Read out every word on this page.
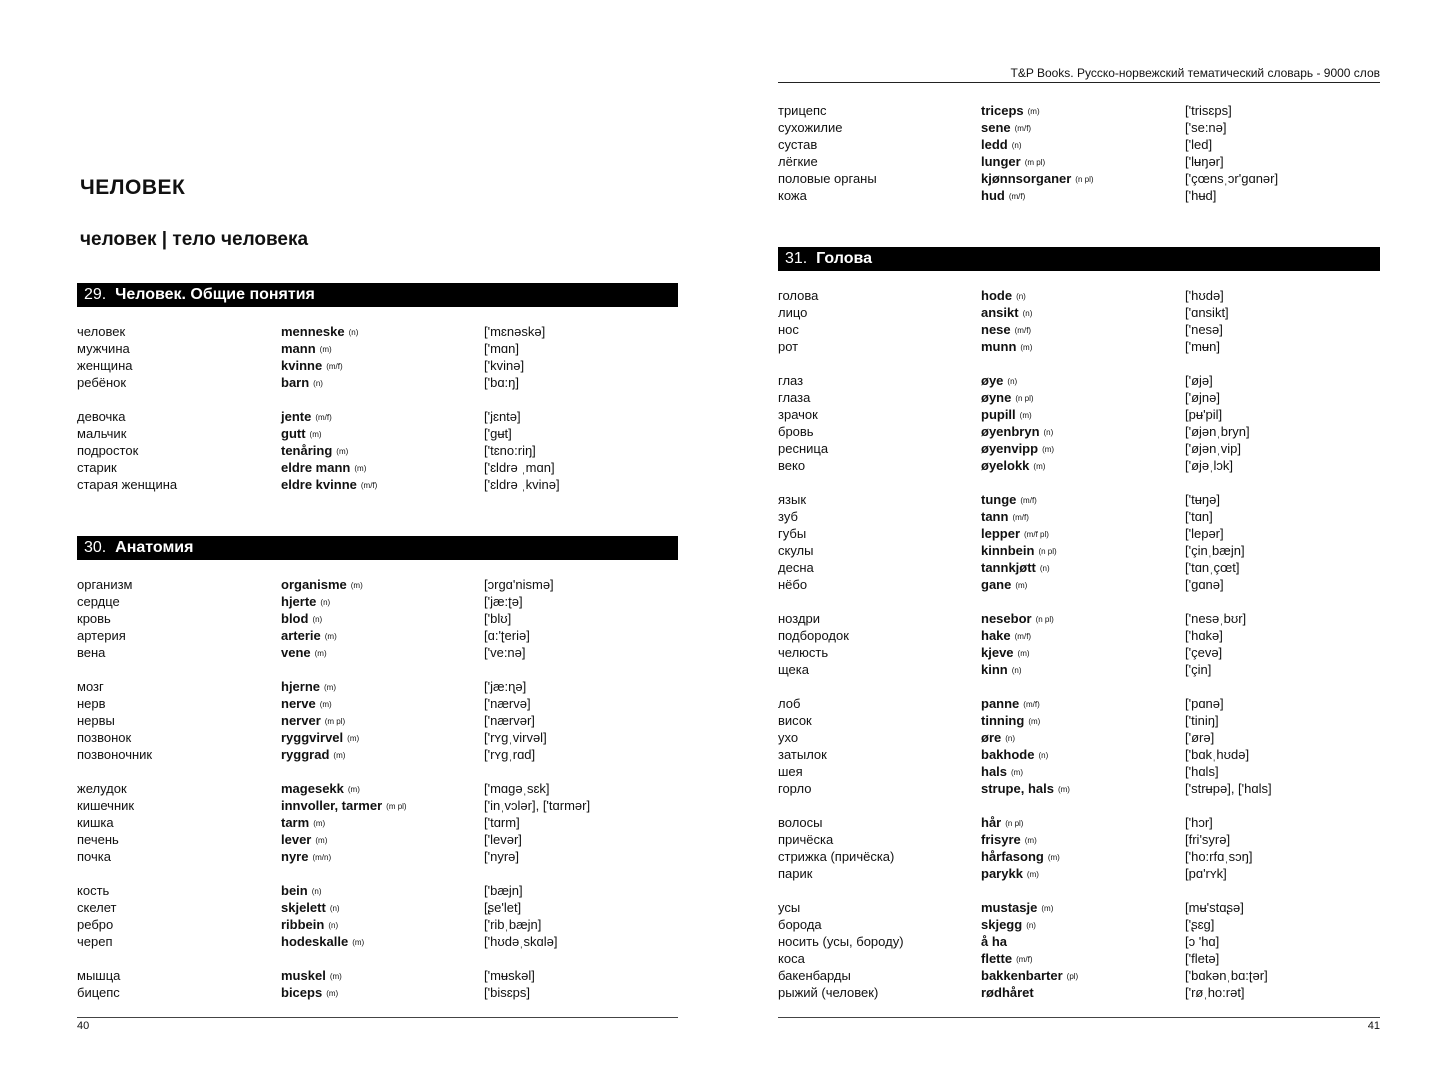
ЧЕЛОВЕК
человек | тело человека
29. Человек. Общие понятия
человек	menneske (n)	['mɛnəskə]
мужчина	mann (m)	['mɑn]
женщина	kvinne (m/f)	['kvinə]
ребёнок	barn (n)	['bɑ:ŋ]
девочка	jente (m/f)	['jɛntə]
мальчик	gutt (m)	['gʉt]
подросток	tenåring (m)	['tɛno:riŋ]
старик	eldre mann (m)	['ɛldrə ˌmɑn]
старая женщина	eldre kvinne (m/f)	['ɛldrə ˌkvinə]
30. Анатомия
организм	organisme (m)	[ɔrgɑ'nismə]
сердце	hjerte (n)	['jæ:ʈə]
кровь	blod (n)	['blʊ]
артерия	arterie (m)	[ɑ:'ʈeriə]
вена	vene (m)	['ve:nə]
мозг	hjerne (m)	['jæ:ɳə]
нерв	nerve (m)	['nærvə]
нервы	nerver (m pl)	['nærvər]
позвонок	ryggvirvel (m)	['rʏgˌvirvəl]
позвоночник	ryggrad (m)	['rʏgˌrɑd]
желудок	magesekk (m)	['mɑgəˌsɛk]
кишечник	innvoller, tarmer (m pl)	['inˌvɔlər], ['tɑrmər]
кишка	tarm (m)	['tɑrm]
печень	lever (m)	['levər]
почка	nyre (m/n)	['nyrə]
кость	bein (n)	['bæjn]
скелет	skjelett (n)	[ʂe'let]
ребро	ribbein (n)	['ribˌbæjn]
череп	hodeskalle (m)	['hʊdəˌskɑlə]
мышца	muskel (m)	['mʉskəl]
бицепс	biceps (m)	['bisɛps]
40
T&P Books. Русско-норвежский тематический словарь - 9000 слов
трицепс	triceps (m)	['trisɛps]
сухожилие	sene (m/f)	['se:nə]
сустав	ledd (n)	['led]
лёгкие	lunger (m pl)	['lʉŋər]
половые органы	kjønnsorganer (n pl)	['çœnsˌɔr'gɑnər]
кожа	hud (m/f)	['hʉd]
31. Голова
голова	hode (n)	['hʊdə]
лицо	ansikt (n)	['ɑnsikt]
нос	nese (m/f)	['nesə]
рот	munn (m)	['mʉn]
глаз	øye (n)	['øjə]
глаза	øyne (n pl)	['øjnə]
зрачок	pupill (m)	[pʉ'pil]
бровь	øyenbryn (n)	['øjənˌbryn]
ресница	øyenvipp (m)	['øjənˌvip]
веко	øyelokk (m)	['øjəˌlɔk]
язык	tunge (m/f)	['tʉŋə]
зуб	tann (m/f)	['tɑn]
губы	lepper (m/f pl)	['lepər]
скулы	kinnbein (n pl)	['çinˌbæjn]
десна	tannkjøtt (n)	['tɑnˌçœt]
нёбо	gane (m)	['gɑnə]
ноздри	nesebor (n pl)	['nesəˌbʊr]
подбородок	hake (m/f)	['hɑkə]
челюсть	kjeve (m)	['çevə]
щека	kinn (n)	['çin]
лоб	panne (m/f)	['pɑnə]
висок	tinning (m)	['tiniŋ]
ухо	øre (n)	['ørə]
затылок	bakhode (n)	['bɑkˌhʊdə]
шея	hals (m)	['hɑls]
горло	strupe, hals (m)	['strʉpə], ['hɑls]
волосы	hår (n pl)	['hɔr]
причёска	frisyre (m)	[fri'syrə]
стрижка (причёска)	hårfasong (m)	['ho:rfɑˌsɔŋ]
парик	parykk (m)	[pɑ'rʏk]
усы	mustasje (m)	[mʉ'stɑʂə]
борода	skjegg (n)	['ʂɛg]
носить (усы, бороду)	å ha	[ɔ 'hɑ]
коса	flette (m/f)	['fletə]
бакенбарды	bakkenbarter (pl)	['bɑkənˌbɑ:ʈər]
рыжий (человек)	rødhåret	['røˌho:rət]
41
